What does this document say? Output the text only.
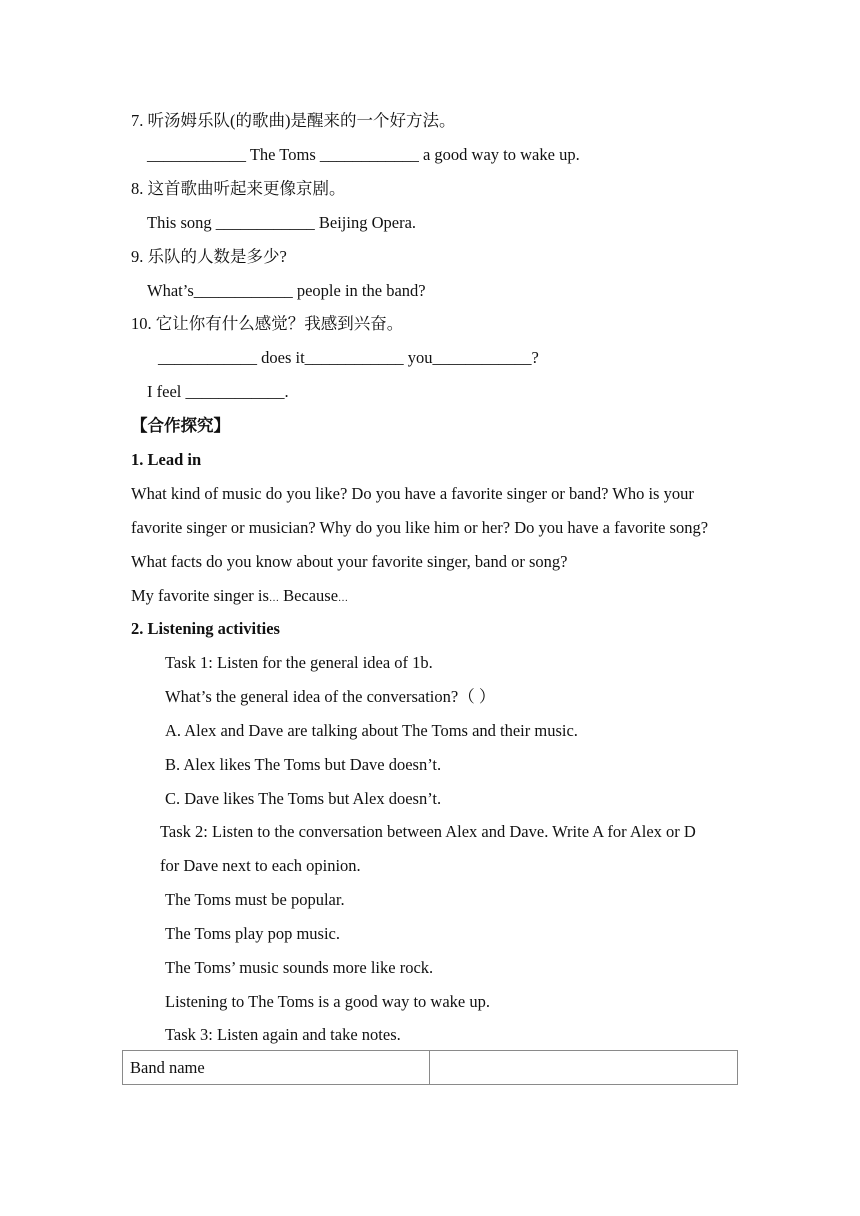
7. 听汤姆乐队(的歌曲)是醒来的一个好方法。
____________ The Toms ____________ a good way to wake up.
8. 这首歌曲听起来更像京剧。
This song ____________ Beijing Opera.
9. 乐队的人数是多少?
What’s____________ people in the band?
10. 它让你有什么感觉？我感到兴奋。
____________ does it____________ you____________?
I feel ____________.
【合作探究】
1. Lead in
What kind of music do you like? Do you have a favorite singer or band? Who is your
favorite singer or musician? Why do you like him or her? Do you have a favorite song?
What facts do you know about your favorite singer, band or song?
My favorite singer is… Because…
2. Listening activities
Task 1: Listen for the general idea of 1b.
What’s the general idea of the conversation?（ ）
A. Alex and Dave are talking about The Toms and their music.
B. Alex likes The Toms but Dave doesn’t.
C. Dave likes The Toms but Alex doesn’t.
Task 2: Listen to the conversation between Alex and Dave. Write A for Alex or D
for Dave next to each opinion.
The Toms must be popular.
The Toms play pop music.
The Toms’ music sounds more like rock.
Listening to The Toms is a good way to wake up.
Task 3: Listen again and take notes.
Band name
